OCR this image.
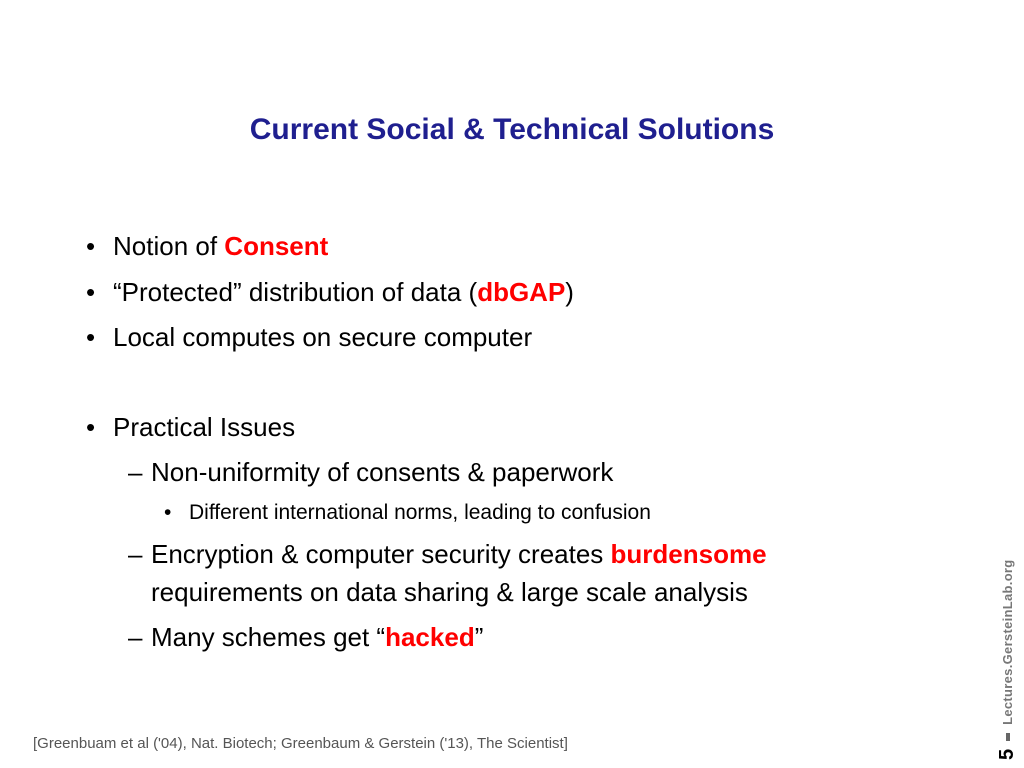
Current Social & Technical Solutions
• Notion of Consent
• “Protected” distribution of data (dbGAP)
• Local computes on secure computer
• Practical Issues
– Non-uniformity of consents & paperwork
• Different international norms, leading to confusion
– Encryption & computer security creates burdensome
requirements on data sharing & large scale analysis
– Many schemes get “hacked”
[Greenbuam et al ('04), Nat. Biotech; Greenbaum & Gerstein ('13), The Scientist]
5
Lectures.GersteinLab.org
